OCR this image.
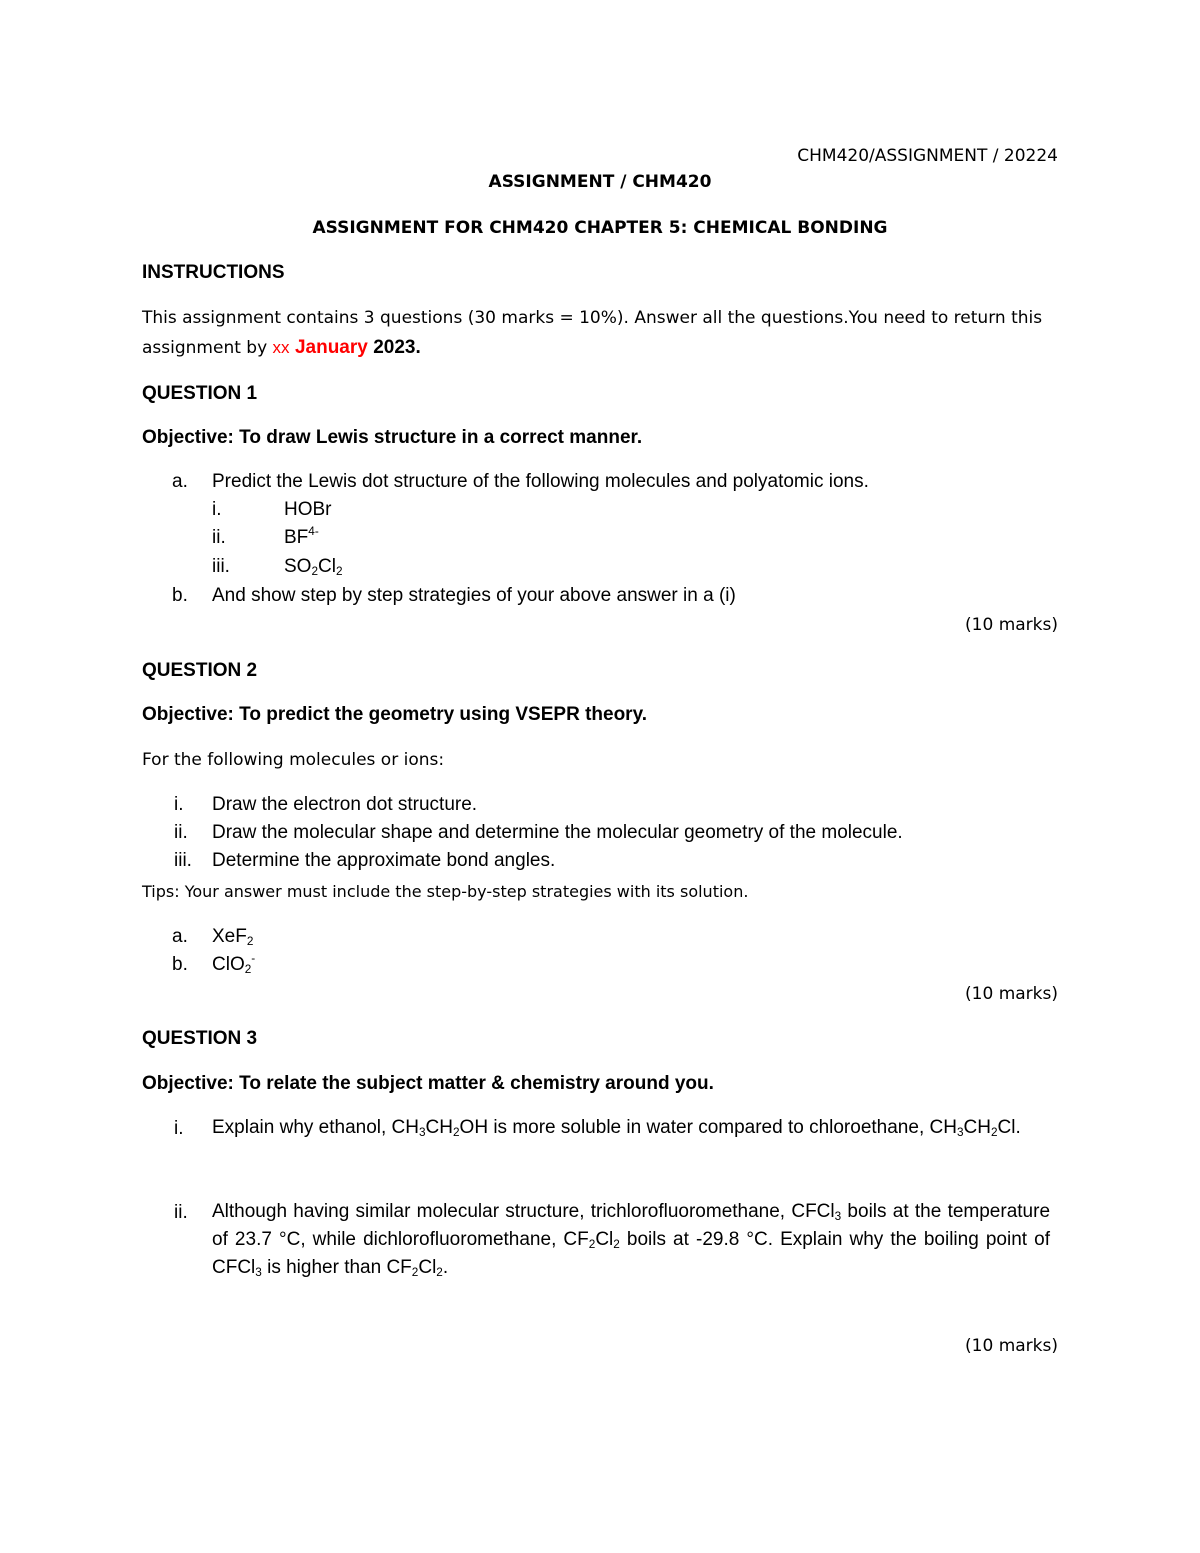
CHM420/ASSIGNMENT / 20224
ASSIGNMENT / CHM420
ASSIGNMENT FOR CHM420 CHAPTER 5: CHEMICAL BONDING
INSTRUCTIONS
This assignment contains 3 questions (30 marks = 10%). Answer all the questions.You need to return this
assignment by xx January 2023.
QUESTION 1
Objective: To draw Lewis structure in a correct manner.
a. Predict the Lewis dot structure of the following molecules and polyatomic ions.
i.	HOBr
ii.	$BF^{4-}$
iii.	$SO_2Cl_2$
b. And show step by step strategies of your above answer in a (i)
(10 marks)
QUESTION 2
Objective: To predict the geometry using VSEPR theory.
For the following molecules or ions:
i. Draw the electron dot structure.
ii. Draw the molecular shape and determine the molecular geometry of the molecule.
iii. Determine the approximate bond angles.
Tips: Your answer must include the step-by-step strategies with its solution.
a. XeF$_2$
b. ClO$_2$-
(10 marks)
QUESTION 3
Objective: To relate the subject matter & chemistry around you.
i. Explain why ethanol, $CH_3CH_2OH$ is more soluble in water compared to chloroethane, $CH_3CH_2Cl$.
ii. Although having similar molecular structure, trichlorofluoromethane, CFCl$_3$ boils at the temperature of 23.7 °C, while dichlorofluoromethane, $CF_2Cl_2$ boils at -29.8 °C. Explain why the boiling point of CFCl$_3$ is higher than $CF_2Cl_2$.
(10 marks)
